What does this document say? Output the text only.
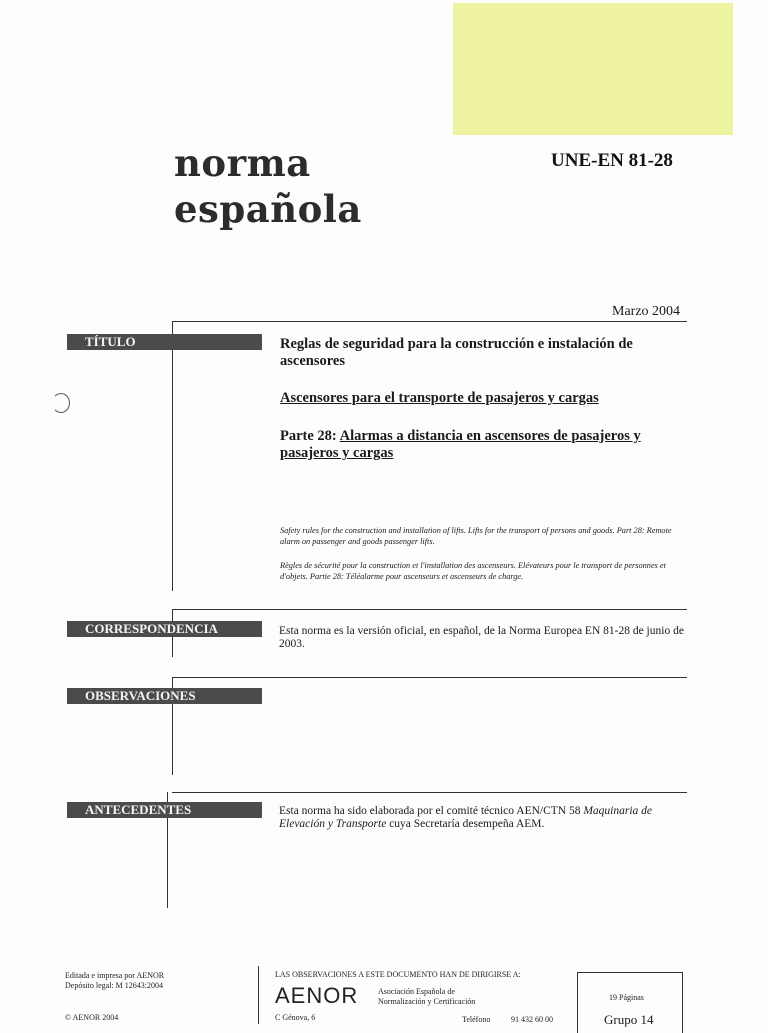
norma
española
UNE-EN 81-28
Marzo 2004
TÍTULO	Reglas de seguridad para la construcción e instalación de ascensores
Ascensores para el transporte de pasajeros y cargas
Parte 28: Alarmas a distancia en ascensores de pasajeros y pasajeros y cargas
Safety rules for the construction and installation of lifts. Lifts for the transport of persons and goods. Part 28: Remote alarm on passenger and goods passenger lifts.
Règles de sécurité pour la construction et l'installation des ascenseurs. Elévateurs pour le transport de personnes et d'objets. Partie 28: Téléalarme pour ascenseurs et ascenseurs de charge.
CORRESPONDENCIA	Esta norma es la versión oficial, en español, de la Norma Europea EN 81-28 de junio de 2003.
OBSERVACIONES
ANTECEDENTES	Esta norma ha sido elaborada por el comité técnico AEN/CTN 58 Maquinaria de Elevación y Transporte cuya Secretaría desempeña AEM.
Editada e impresa por AENOR
Depósito legal: M 12643:2004
© AENOR 2004
LAS OBSERVACIONES A ESTE DOCUMENTO HAN DE DIRIGIRSE A:
AENOR Asociación Española de
Normalización y Certificación
C Génova, 6	Teléfono	91 432 60 00
19 Páginas
Grupo 14
